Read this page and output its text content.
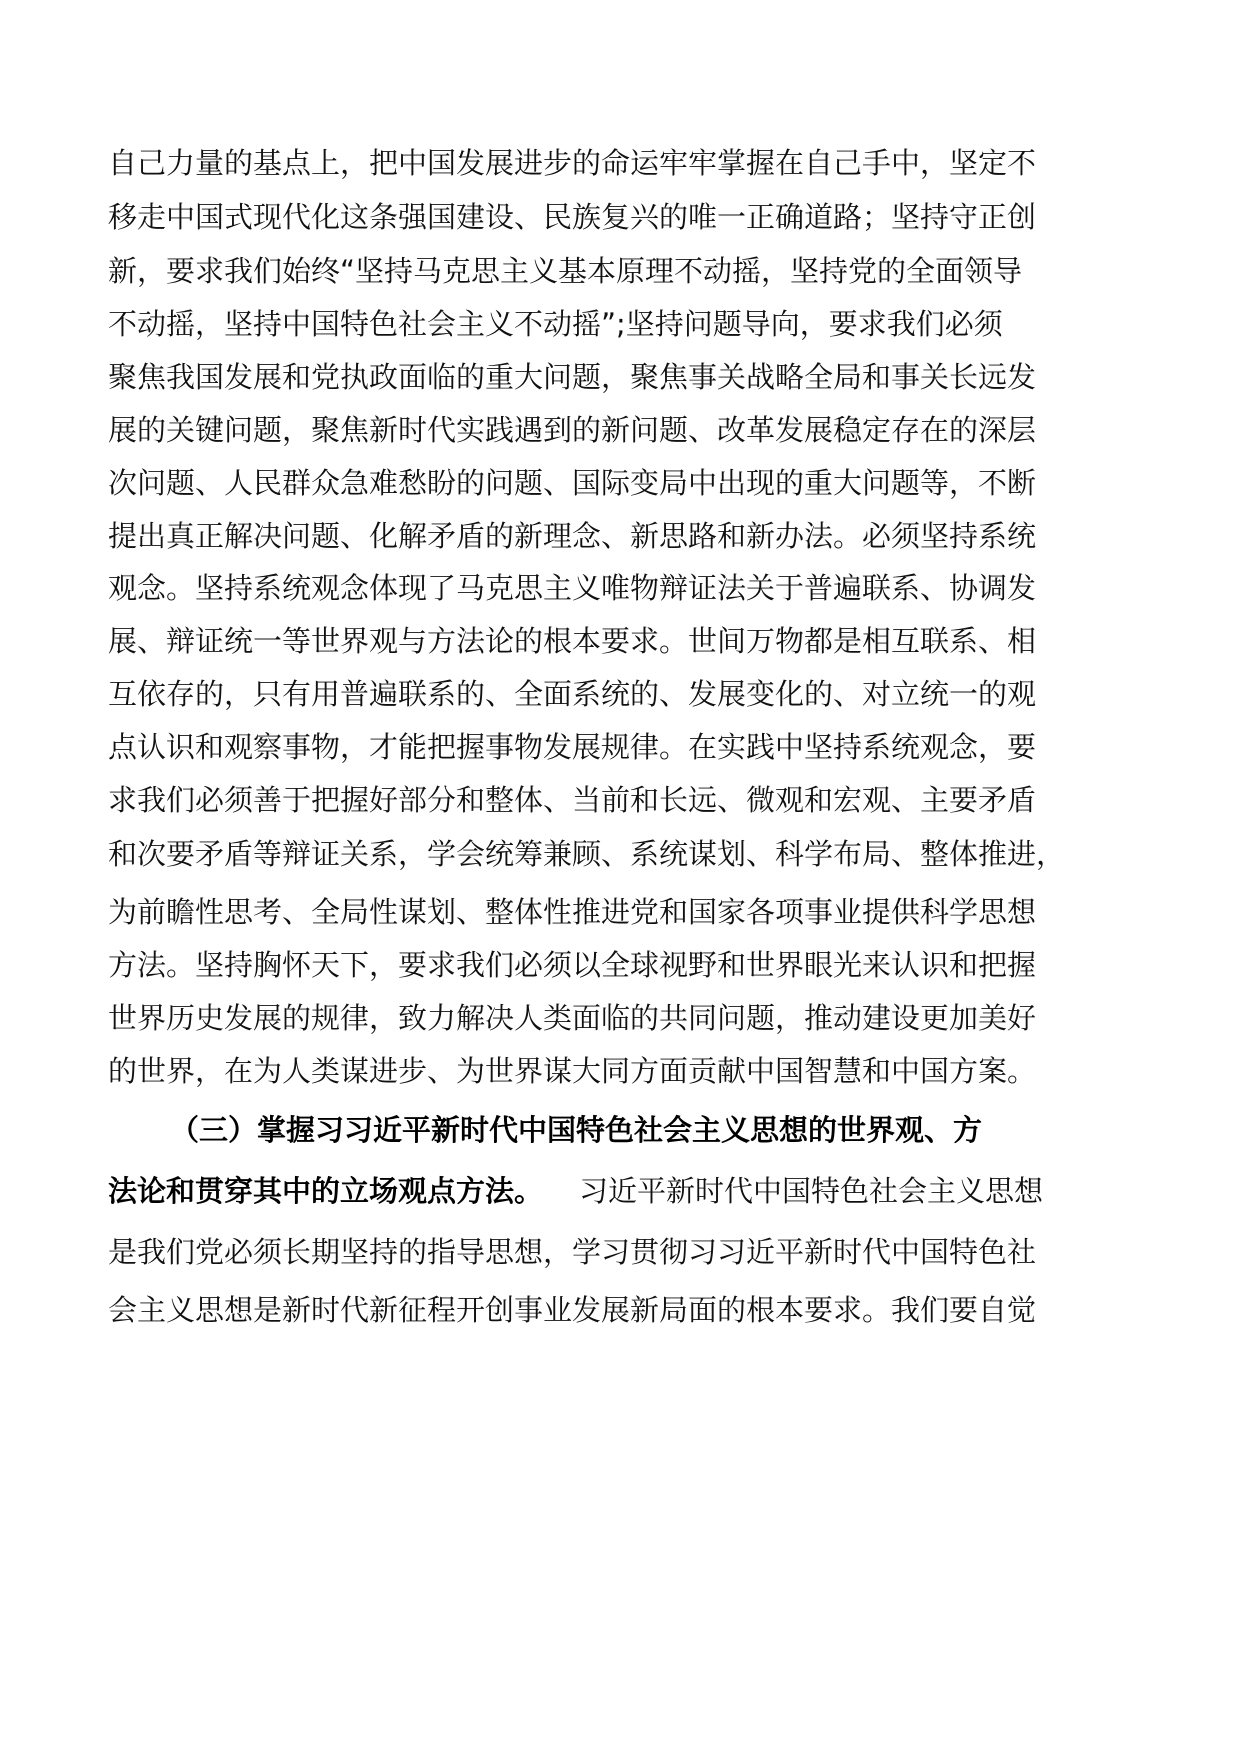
自己力量的基点上，把中国发展进步的命运牢牢掌握在自己手中，坚定不
移走中国式现代化这条强国建设、民族复兴的唯一正确道路；坚持守正创
新，要求我们始终“坚持马克思主义基本原理不动摇，坚持党的全面领导
不动摇，坚持中国特色社会主义不动摇”;坚持问题导向，要求我们必须
聚焦我国发展和党执政面临的重大问题，聚焦事关战略全局和事关长远发
展的关键问题，聚焦新时代实践遇到的新问题、改革发展稳定存在的深层
次问题、人民群众急难愁盼的问题、国际变局中出现的重大问题等，不断
提出真正解决问题、化解矛盾的新理念、新思路和新办法。必须坚持系统
观念。坚持系统观念体现了马克思主义唯物辩证法关于普遍联系、协调发
展、辩证统一等世界观与方法论的根本要求。世间万物都是相互联系、相
互依存的，只有用普遍联系的、全面系统的、发展变化的、对立统一的观
点认识和观察事物，才能把握事物发展规律。在实践中坚持系统观念，要
求我们必须善于把握好部分和整体、当前和长远、微观和宏观、主要矛盾
和次要矛盾等辩证关系，学会统筹兼顾、系统谋划、科学布局、整体推进，
为前瞻性思考、全局性谋划、整体性推进党和国家各项事业提供科学思想
方法。坚持胸怀天下，要求我们必须以全球视野和世界眼光来认识和把握
世界历史发展的规律，致力解决人类面临的共同问题，推动建设更加美好
的世界，在为人类谋进步、为世界谋大同方面贡献中国智慧和中国方案。
（三）掌握习习近平新时代中国特色社会主义思想的世界观、方
法论和贯穿其中的立场观点方法。 习近平新时代中国特色社会主义思想
是我们党必须长期坚持的指导思想，学习贯彻习习近平新时代中国特色社
会主义思想是新时代新征程开创事业发展新局面的根本要求。我们要自觉
